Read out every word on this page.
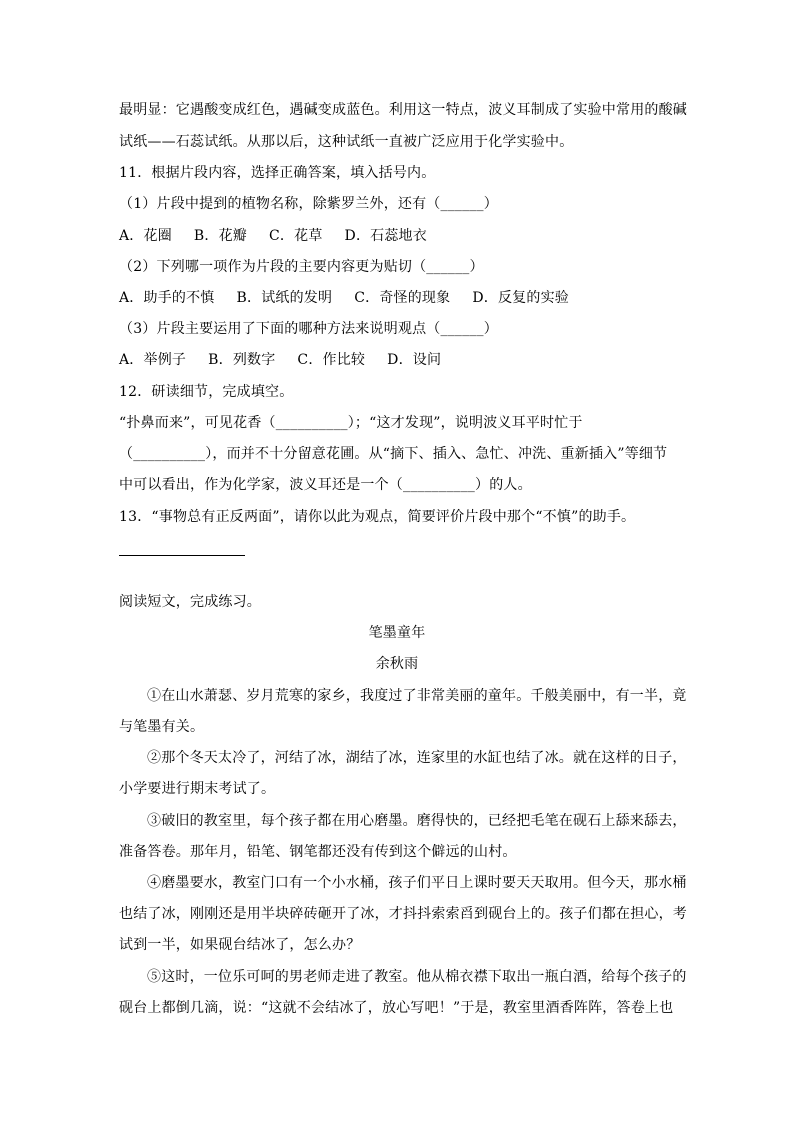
最明显：它遇酸变成红色，遇碱变成蓝色。利用这一特点，波义耳制成了实验中常用的酸碱
试纸——石蕊试纸。从那以后，这种试纸一直被广泛应用于化学实验中。
11．根据片段内容，选择正确答案，填入括号内。
（1）片段中提到的植物名称，除紫罗兰外，还有（______）
A．花圈 B．花瓣 C．花草 D．石蕊地衣
（2）下列哪一项作为片段的主要内容更为贴切（______）
A．助手的不慎 B．试纸的发明 C．奇怪的现象 D．反复的实验
（3）片段主要运用了下面的哪种方法来说明观点（______）
A．举例子 B．列数字 C．作比较 D．设问
12．研读细节，完成填空。
“扑鼻而来”，可见花香（__________）；“这才发现”，说明波义耳平时忙于
（__________），而并不十分留意花圃。从“摘下、插入、急忙、冲洗、重新插入”等细节
中可以看出，作为化学家，波义耳还是一个（__________）的人。
13．“事物总有正反两面”，请你以此为观点，简要评价片段中那个“不慎”的助手。
阅读短文，完成练习。
笔墨童年
余秋雨
①在山水萧瑟、岁月荒寒的家乡，我度过了非常美丽的童年。千般美丽中，有一半，竟
与笔墨有关。
②那个冬天太冷了，河结了冰，湖结了冰，连家里的水缸也结了冰。就在这样的日子，
小学要进行期末考试了。
③破旧的教室里，每个孩子都在用心磨墨。磨得快的，已经把毛笔在砚石上舔来舔去，
准备答卷。那年月，铅笔、钢笔都还没有传到这个僻远的山村。
④磨墨要水，教室门口有一个小水桶，孩子们平日上课时要天天取用。但今天，那水桶
也结了冰，刚刚还是用半块碎砖砸开了冰，才抖抖索索舀到砚台上的。孩子们都在担心，考
试到一半，如果砚台结冰了，怎么办？
⑤这时，一位乐可呵的男老师走进了教室。他从棉衣襟下取出一瓶白酒，给每个孩子的
砚台上都倒几滴，说：“这就不会结冰了，放心写吧！”于是，教室里酒香阵阵，答卷上也
